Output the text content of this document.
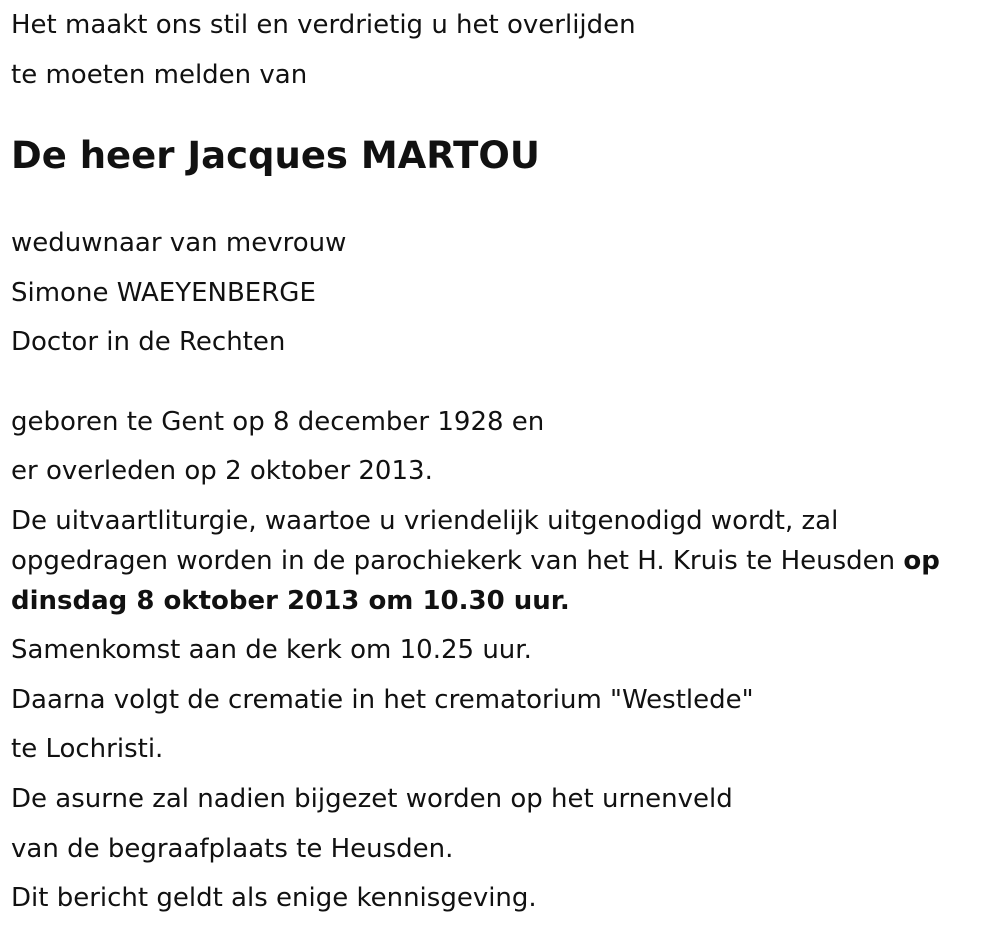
Het maakt ons stil en verdrietig u het overlijden
te moeten melden van
De heer Jacques MARTOU
weduwnaar van mevrouw
Simone WAEYENBERGE
Doctor in de Rechten
geboren te Gent op 8 december 1928 en
er overleden op 2 oktober 2013.
De uitvaartliturgie, waartoe u vriendelijk uitgenodigd wordt, zal opgedragen worden in de parochiekerk van het H. Kruis te Heusden op dinsdag 8 oktober 2013 om 10.30 uur.
Samenkomst aan de kerk om 10.25 uur.
Daarna volgt de crematie in het crematorium "Westlede"
te Lochristi.
De asurne zal nadien bijgezet worden op het urnenveld
van de begraafplaats te Heusden.
Dit bericht geldt als enige kennisgeving.
